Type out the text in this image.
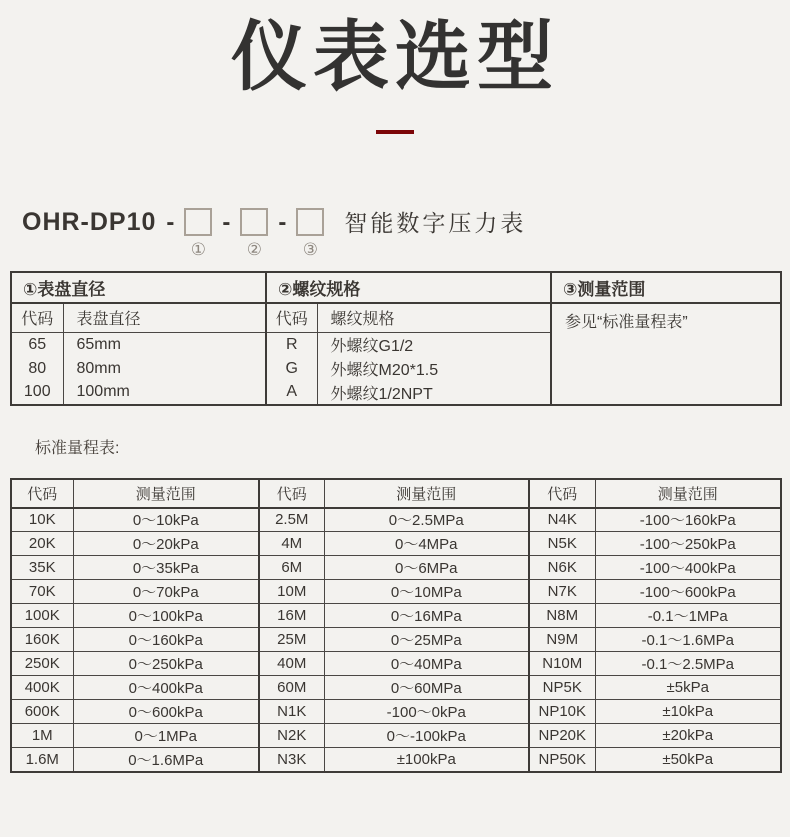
仪表选型
OHR-DP10 -
①
-
②
-
③
智能数字压力表
①表盘直径		②螺纹规格		③测量范围
代码	表盘直径	代码	螺纹规格	参见“标准量程表”
65	65mm	R	外螺纹G1/2	
80	80mm	G	外螺纹M20*1.5	
100	100mm	A	外螺纹1/2NPT	
标准量程表:
代码	测量范围	代码	测量范围	代码	测量范围
10K	0～10kPa	2.5M	0～2.5MPa	N4K	-100～160kPa
20K	0～20kPa	4M	0～4MPa	N5K	-100～250kPa
35K	0～35kPa	6M	0～6MPa	N6K	-100～400kPa
70K	0～70kPa	10M	0～10MPa	N7K	-100～600kPa
100K	0～100kPa	16M	0～16MPa	N8M	-0.1～1MPa
160K	0～160kPa	25M	0～25MPa	N9M	-0.1～1.6MPa
250K	0～250kPa	40M	0～40MPa	N10M	-0.1～2.5MPa
400K	0～400kPa	60M	0～60MPa	NP5K	±5kPa
600K	0～600kPa	N1K	-100～0kPa	NP10K	±10kPa
1M	0～1MPa	N2K	0～-100kPa	NP20K	±20kPa
1.6M	0～1.6MPa	N3K	±100kPa	NP50K	±50kPa
